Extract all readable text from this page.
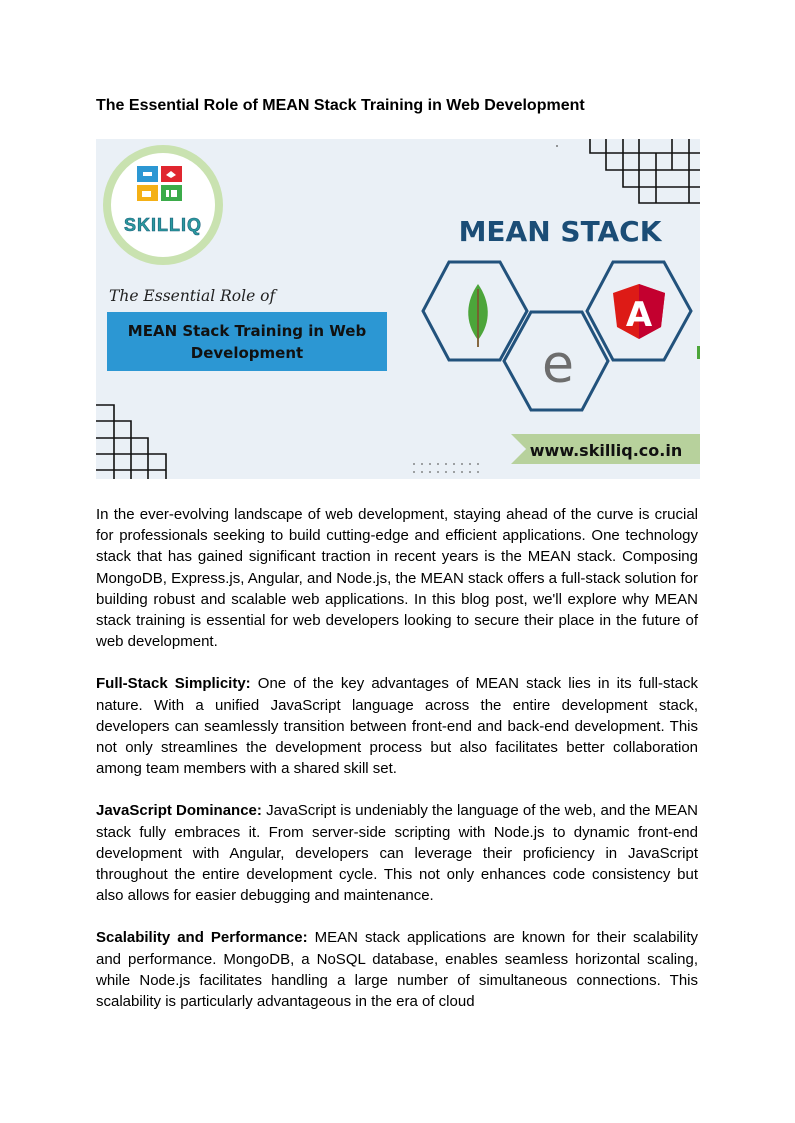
The Essential Role of MEAN Stack Training in Web Development
SKILLIQ
The Essential Role of
MEAN Stack Training in Web
Development
MEAN STACK
e
A
www.skilliq.co.in

In the ever-evolving landscape of web development, staying ahead of the curve is crucial for professionals seeking to build cutting-edge and efficient applications. One technology stack that has gained significant traction in recent years is the MEAN stack. Composing MongoDB, Express.js, Angular, and Node.js, the MEAN stack offers a full-stack solution for building robust and scalable web applications. In this blog post, we'll explore why MEAN stack training is essential for web developers looking to secure their place in the future of web development.

Full-Stack Simplicity: One of the key advantages of MEAN stack lies in its full-stack nature. With a unified JavaScript language across the entire development stack, developers can seamlessly transition between front-end and back-end development. This not only streamlines the development process but also facilitates better collaboration among team members with a shared skill set.

JavaScript Dominance: JavaScript is undeniably the language of the web, and the MEAN stack fully embraces it. From server-side scripting with Node.js to dynamic front-end development with Angular, developers can leverage their proficiency in JavaScript throughout the entire development cycle. This not only enhances code consistency but also allows for easier debugging and maintenance.

Scalability and Performance: MEAN stack applications are known for their scalability and performance. MongoDB, a NoSQL database, enables seamless horizontal scaling, while Node.js facilitates handling a large number of simultaneous connections. This scalability is particularly advantageous in the era of cloud
